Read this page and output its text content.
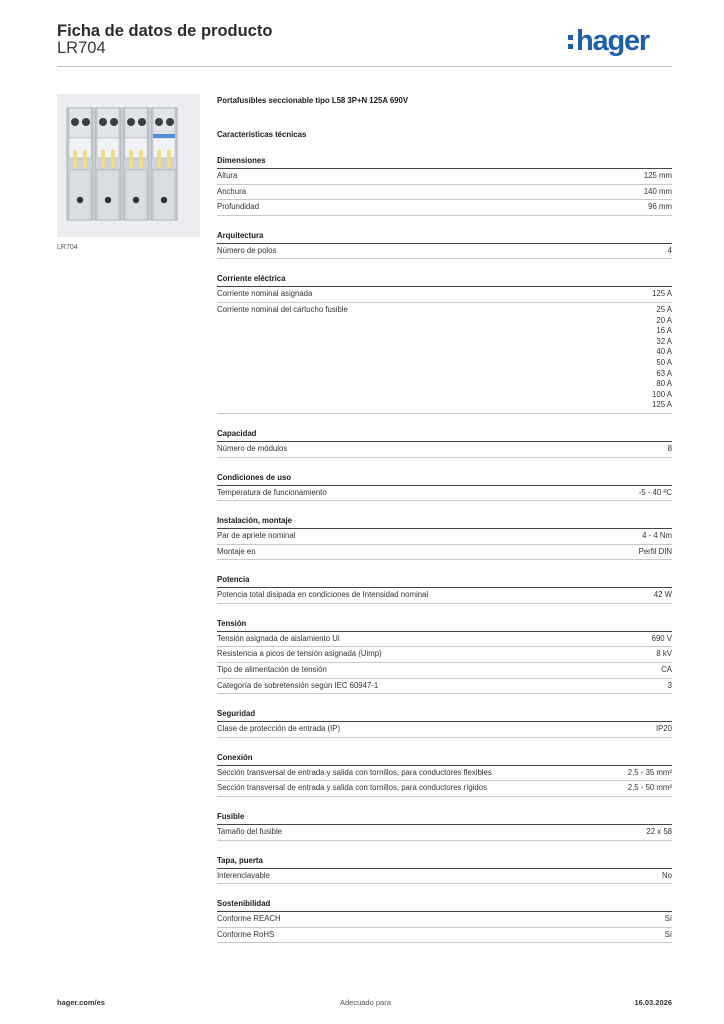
Ficha de datos de producto
LR704	hager
LR704
Portafusibles seccionable tipo L58 3P+N 125A 690V
Características técnicas
Dimensiones
Altura	125 mm
Anchura	140 mm
Profundidad	96 mm
Arquitectura
Número de polos	4
Corriente eléctrica
Corriente nominal asignada	125 A
Corriente nominal del cartucho fusible	25 A
20 A
16 A
32 A
40 A
50 A
63 A
80 A
100 A
125 A
Capacidad
Número de módulos	8
Condiciones de uso
Temperatura de funcionamiento	-5 - 40 ºC
Instalación, montaje
Par de apriete nominal	4 - 4 Nm
Montaje en	Perfil DIN
Potencia
Potencia total disipada en condiciones de Intensidad nominal	42 W
Tensión
Tensión asignada de aislamiento Ui	690 V
Resistencia a picos de tensión asignada (Uimp)	8 kV
Tipo de alimentación de tensión	CA
Categoría de sobretensión según IEC 60947-1	3
Seguridad
Clase de protección de entrada (IP)	IP20
Conexión
Sección transversal de entrada y salida con tornillos, para conductores flexibles	2,5 - 35 mm²
Sección transversal de entrada y salida con tornillos, para conductores rígidos	2,5 - 50 mm²
Fusible
Tamaño del fusible	22 x 58
Tapa, puerta
Interenclavable	No
Sostenibilidad
Conforme REACH	Sí
Conforme RoHS	Sí
hager.com/es	Adecuado para	16.03.2026
